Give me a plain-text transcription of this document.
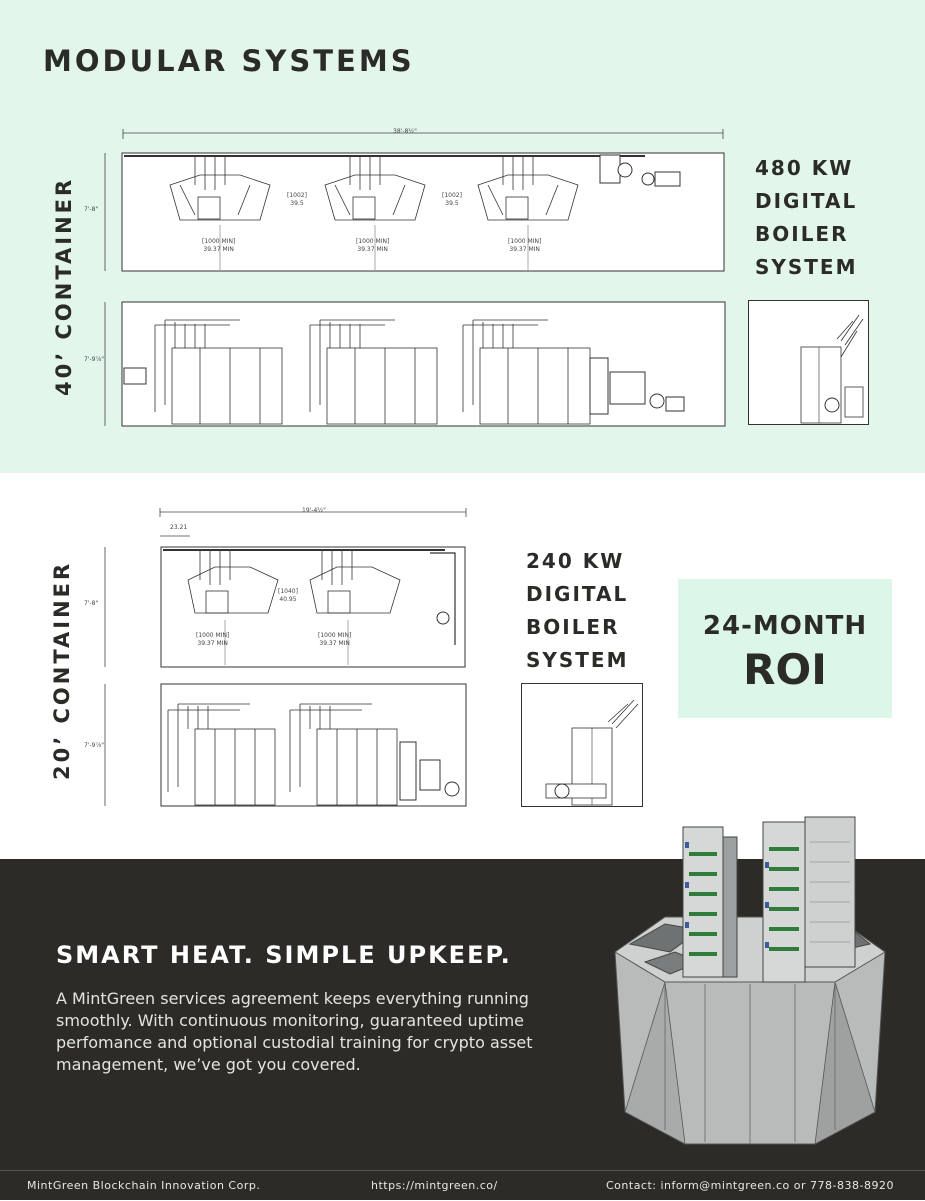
MODULAR SYSTEMS
40’ CONTAINER
38'-8½"
7'-8"
[1002]
39.5
[1002]
39.5
[1000 MIN]
39.37 MIN
[1000 MIN]
39.37 MIN
[1000 MIN]
39.37 MIN
7'-9⅞"
480 KW
DIGITAL
BOILER
SYSTEM
20’ CONTAINER
19'-4½"
23.21
7'-8"
[1040]
40.95
[1000 MIN]
39.37 MIN
[1000 MIN]
39.37 MIN
7'-9⅞"
240 KW
DIGITAL
BOILER
SYSTEM
24-MONTH
ROI
SMART HEAT. SIMPLE UPKEEP.
A MintGreen services agreement keeps everything running smoothly. With continuous monitoring, guaranteed uptime perfomance and optional custodial training for crypto asset management, we’ve got you covered.
MintGreen Blockchain Innovation Corp.	https://mintgreen.co/	Contact: inform@mintgreen.co or 778-838-8920
